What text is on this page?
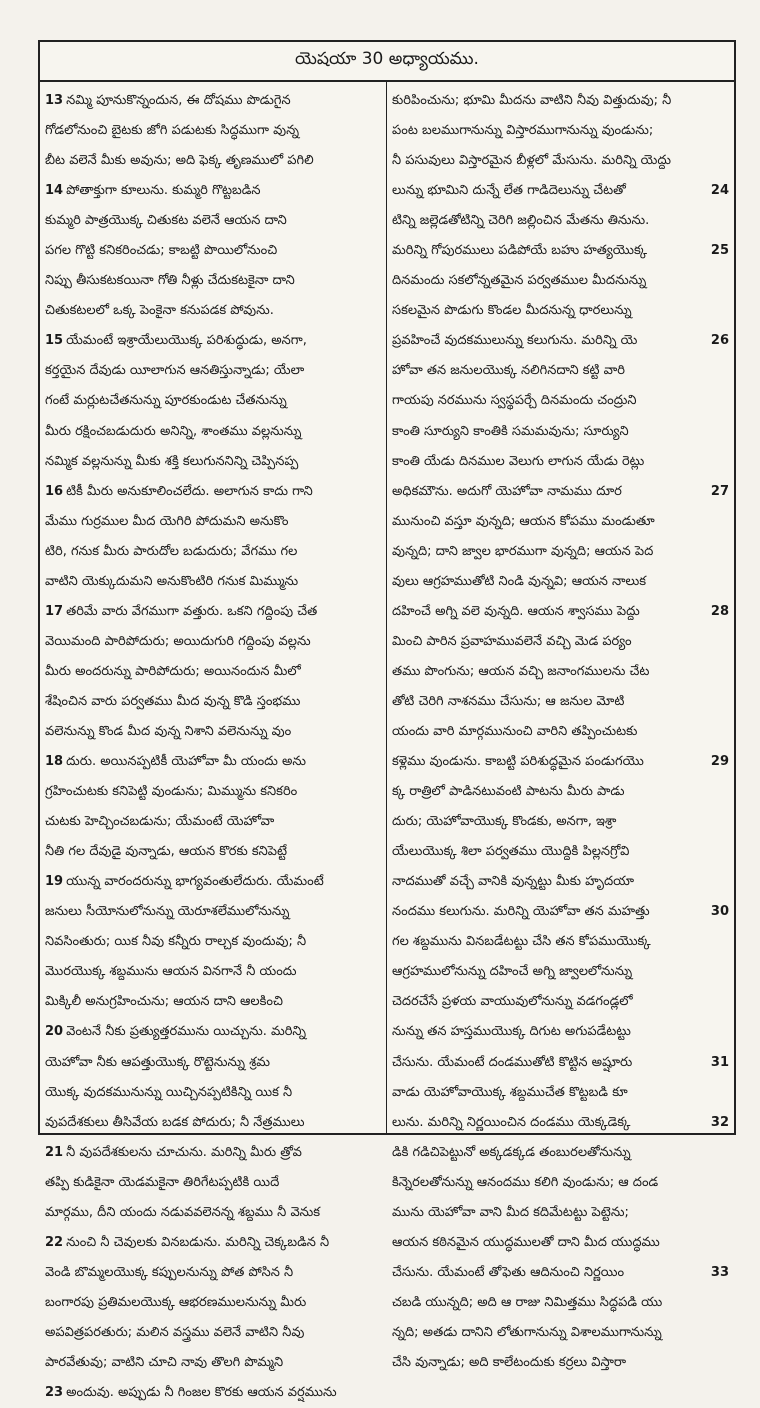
యెషయా 30 అధ్యాయము.
13 నమ్మి పూనుకొన్నందున, ఈ దోషము పొడుగైన
గోడలోనుంచి బైటకు జోగి పడుటకు సిద్ధముగా వున్న
బీట వలెనే మీకు అవును; అది ఫెక్క తృణములో పగిలి
14 పోతాక్తుగా కూలును. కుమ్మరి గొట్టబడిన
కుమ్మరి పాత్రయొక్క చితుకట వలెనే ఆయన దాని
పగల గొట్టి కనికరించడు; కాబట్టి పొయిలోనుంచి
నిప్పు తీసుకటకయినా గోతి నీళ్లు చేదుకటకైనా దాని
చితుకటలలో ఒక్క పెంకైనా కనుపడక పోవును.
15 యేమంటే ఇశ్రాయేలుయొక్క పరిశుద్ధుడు, అనగా,
కర్తయైన దేవుడు యీలాగున ఆనతిస్తున్నాడు; యేలా
గంటే మర్లుటచేతనున్ను పూరకుండుట చేతనున్ను
మీరు రక్షించబడుదురు అనిన్ని, శాంతము వల్లనున్ను
నమ్మిక వల్లనున్ను మీకు శక్తి కలుగుననిన్ని చెప్పినప్ప
16 టికీ మీరు అనుకూలించలేదు. అలాగున కాదు గాని
మేము గుర్రముల మీద యెగిరి పోదుమని అనుకొం
టిరి, గనుక మీరు పారుదోల బడుదురు; వేగము గల
వాటిని యెక్కుదుమని అనుకొంటిరి గనుక మిమ్మును
17 తరిమే వారు వేగముగా వత్తురు. ఒకని గద్దింపు చేత
వెయిమంది పారిపోదురు; అయిదుగురి గద్దింపు వల్లను
మీరు అందరున్ను పారిపోదురు; అయినందున మీలో
శేషించిన వారు పర్వతము మీద వున్న కొడి స్తంభము
వలెనున్ను కొండ మీద వున్న నిశాని వలెనున్ను వుం
18 దురు. అయినప్పటికీ యెహోవా మీ యందు అను
గ్రహించుటకు కనిపెట్టి వుండును; మిమ్మును కనికరిం
చుటకు హెచ్చించబడును; యేమంటే యెహోవా
నీతి గల దేవుడై వున్నాడు, ఆయన కొరకు కనిపెట్టే
19 యున్న వారందరున్ను భాగ్యవంతులేదురు. యేమంటే
జనులు సీయోనులోనున్ను యెరూశలేములోనున్ను
నివసింతురు; యిక నీవు కన్నీరు రాల్చక వుందువు; నీ
మొరయొక్క శబ్దమును ఆయన వినగానే నీ యందు
మిక్కిలీ అనుగ్రహించును; ఆయన దాని ఆలకించి
20 వెంటనే నీకు ప్రత్యుత్తరమును యిచ్చును. మరిన్ని
యెహోవా నీకు ఆపత్తుయొక్క రొట్టెనున్ను శ్రమ
యొక్క వుదకమునున్ను యిచ్చినప్పటికిన్ని యిక నీ
వుపదేశకులు తీసివేయ బడక పోదురు; నీ నేత్రములు
21 నీ వుపదేశకులను చూచును. మరిన్ని మీరు త్రోవ
తప్పి కుడికైనా యెడమకైనా తిరిగేటప్పటికి యిదే
మార్గము, దీని యందు నడువవలెనన్న శబ్దము నీ వెనుక
22 నుంచి నీ చెవులకు వినబడును. మరిన్ని చెక్కబడిన నీ
వెండి బొమ్మలయొక్క కప్పులనున్ను పోత పోసిన నీ
బంగారపు ప్రతిమలయొక్క ఆభరణములనున్ను మీరు
అపవిత్రపరతురు; మలిన వస్త్రము వలెనే వాటిని నీవు
పారవేతువు; వాటిని చూచి నావు తొలగి పొమ్మని
23 అందువు. అప్పుడు నీ గింజల కొరకు ఆయన వర్షమును
కురిపించును; భూమి మీదను వాటిని నీవు విత్తుదువు; నీ
పంట బలముగానున్ను విస్తారముగానున్ను వుండును;
నీ పసువులు విస్తారమైన బీళ్లలో మేసును. మరిన్ని యెద్దు
లున్ను భూమిని దున్నే లేత గాడిదెలున్ను చేటతో	24
టిన్ని జల్లెడతోటిన్ని చెరిగి జల్లించిన మేతను తినును.
మరిన్ని గోపురములు పడిపోయే బహు హత్యయొక్క	25
దినమందు సకలోన్నతమైన పర్వతముల మీదనున్ను
సకలమైన పొడుగు కొండల మీదనున్న ధారలున్ను
ప్రవహించే వుదకములున్ను కలుగును. మరిన్ని యె	26
హోవా తన జనులయొక్క నలిగినదాని కట్టి వారి
గాయపు నరమును స్వస్థపర్చే దినమందు చంద్రుని
కాంతి సూర్యుని కాంతికి సమమవును; సూర్యుని
కాంతి యేడు దినముల వెలుగు లాగున యేడు రెట్లు
అధికమౌను. అదుగో యెహోవా నామము దూర	27
మునుంచి వస్తూ వున్నది; ఆయన కోపము మండుతూ
వున్నది; దాని జ్వాల భారముగా వున్నది; ఆయన పెద
వులు ఆగ్రహముతోటి నిండి వున్నవి; ఆయన నాలుక
దహించే అగ్ని వలె వున్నది. ఆయన శ్వాసము పెద్దు	28
మించి పారిన ప్రవాహమువలెనే వచ్చి మెడ పర్యం
తము పొంగును; ఆయన వచ్చి జనాంగములను చేట
తోటి చెరిగి నాశనము చేసును; ఆ జనుల మోటి
యందు వారి మార్గమునుంచి వారిని తప్పించుటకు
కళ్లెము వుండును. కాబట్టి పరిశుద్ధమైన పండుగయొ	29
క్క రాత్రిలో పాడినటువంటి పాటను మీరు పాడు
దురు; యెహోవాయొక్క కొండకు, అనగా, ఇశ్రా
యేలుయొక్క శిలా పర్వతము యొద్దికి పిల్లనగ్రోవి
నాదముతో వచ్చే వానికి వున్నట్టు మీకు హృదయా
నందము కలుగును. మరిన్ని యెహోవా తన మహత్తు	30
గల శబ్దమును వినబడేటట్టు చేసి తన కోపముయొక్క
ఆగ్రహములోనున్ను దహించే అగ్ని జ్వాలలోనున్ను
చెదరచేసే ప్రళయ వాయువులోనున్ను వడగండ్లలో
నున్ను తన హస్తముయొక్క దిగుట అగుపడేటట్టు
చేసును. యేమంటే దండముతోటి కొట్టిన అష్షూరు	31
వాడు యెహోవాయొక్క శబ్దముచేత కొట్టబడి కూ
లును. మరిన్ని నిర్ణయించిన దండము యెక్కడెక్క	32
డికి గడిచిపెట్టునో అక్కడక్కడ తంబురలతోనున్ను
కిన్నెరలతోనున్ను ఆనందము కలిగి వుండును; ఆ దండ
మును యెహోవా వాని మీద కదిమేటట్టు పెట్టెను;
ఆయన కఠినమైన యుద్ధములతో దాని మీద యుద్ధము
చేసును. యేమంటే తోఫెతు ఆదినుంచి నిర్ణయిం	33
చబడి యున్నది; అది ఆ రాజు నిమిత్తము సిద్ధపడి యు
న్నది; అతడు దానిని లోతుగానున్ను విశాలముగానున్ను
చేసి వున్నాడు; అది కాలేటందుకు కర్రలు విస్తారా
